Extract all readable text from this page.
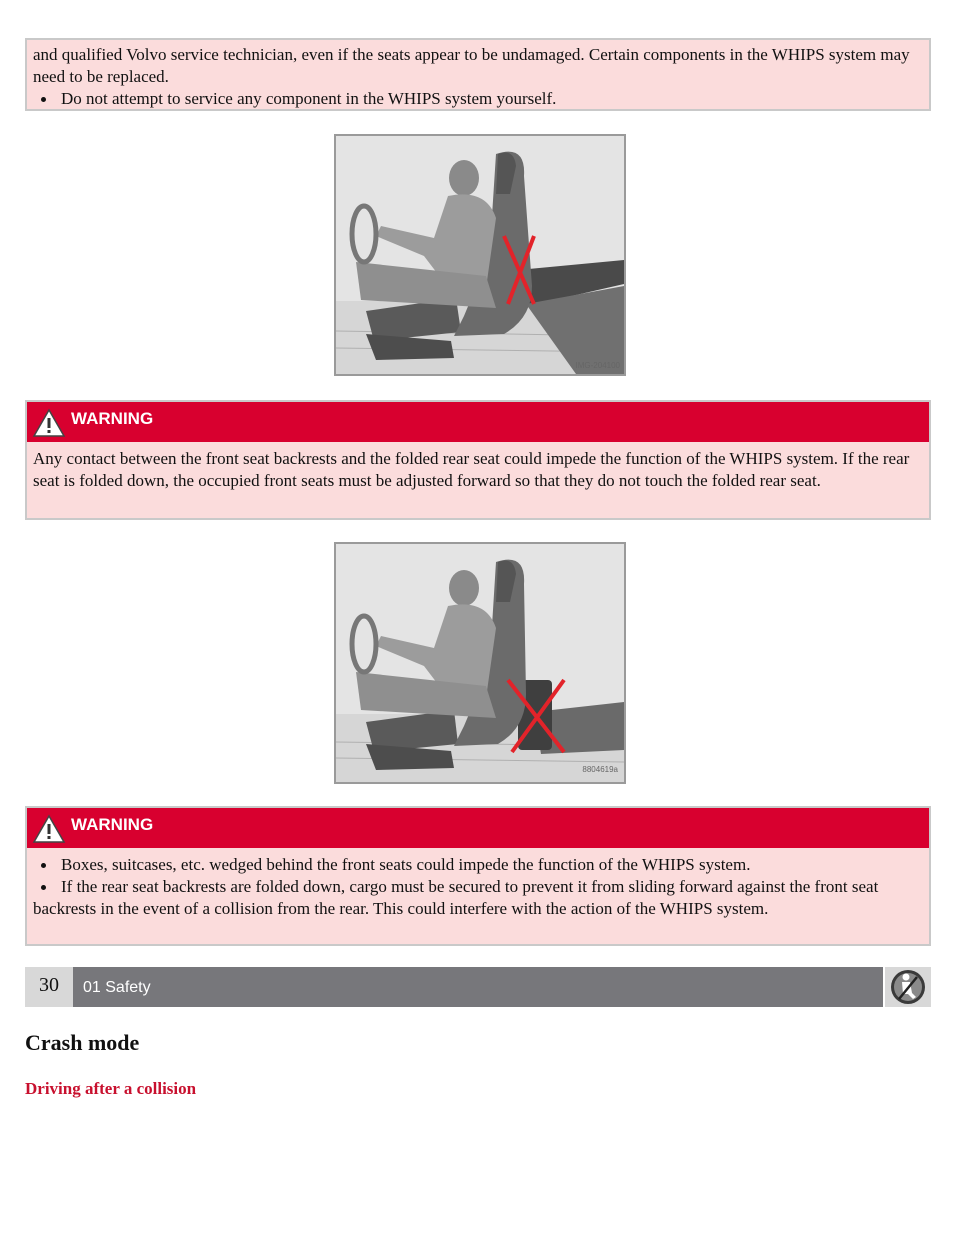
and qualified Volvo service technician, even if the seats appear to be undamaged. Certain components in the WHIPS system may need to be replaced.

Do not attempt to service any component in the WHIPS system yourself.
IMG-204100
WARNING

Any contact between the front seat backrests and the folded rear seat could impede the function of the WHIPS system. If the rear seat is folded down, the occupied front seats must be adjusted forward so that they do not touch the folded rear seat.

8804619a
WARNING
Boxes, suitcases, etc. wedged behind the front seats could impede the function of the WHIPS system.
If the rear seat backrests are folded down, cargo must be secured to prevent it from sliding forward against the front seat backrests in the event of a collision from the rear. This could interfere with the action of the WHIPS system.
30	01 Safety
Crash mode
Driving after a collision
